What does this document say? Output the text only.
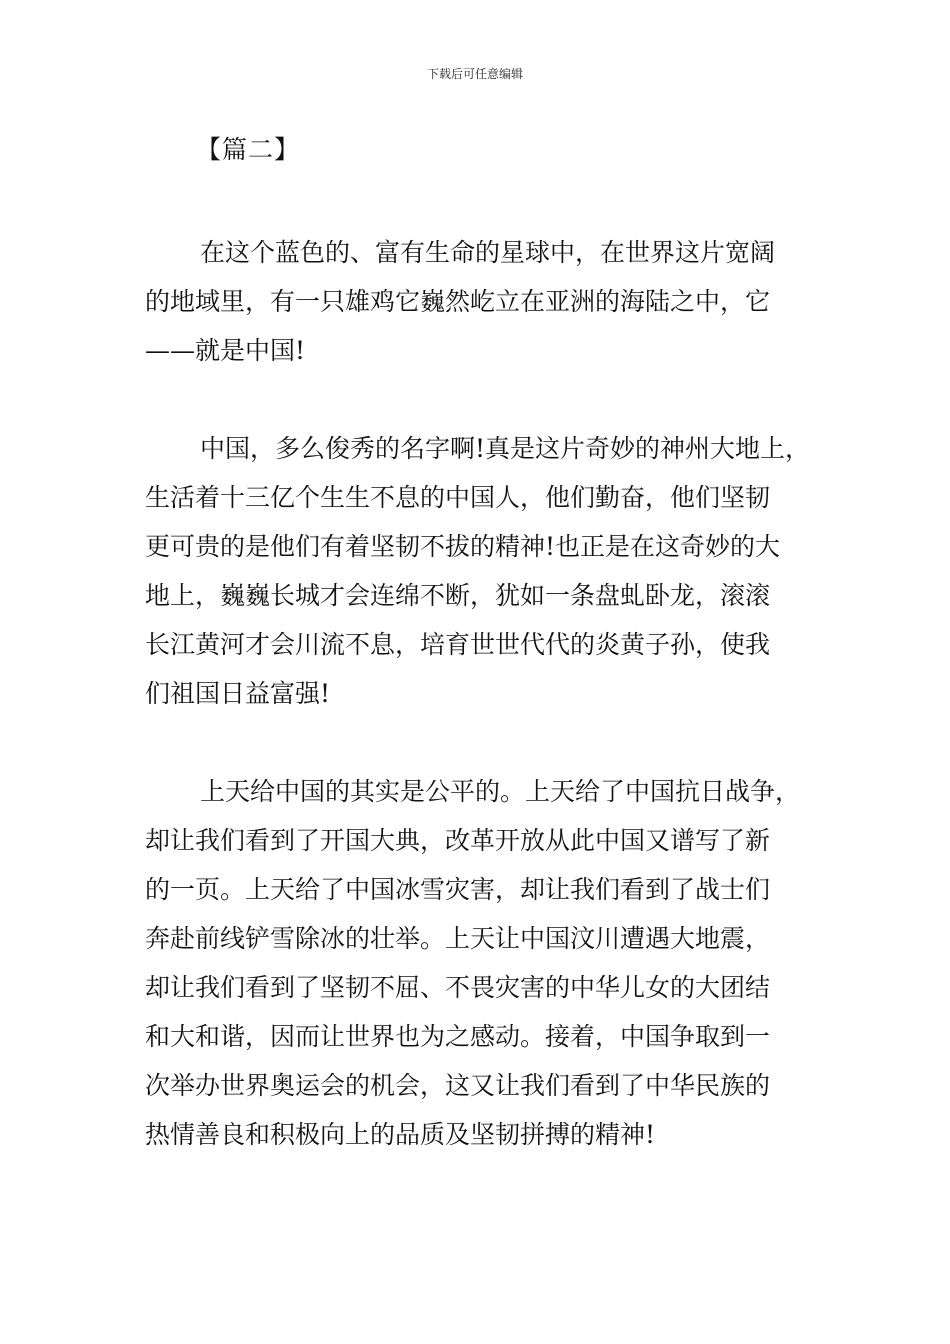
下载后可任意编辑
【篇二】

在这个蓝色的、富有生命的星球中，在世界这片宽阔
的地域里，有一只雄鸡它巍然屹立在亚洲的海陆之中，它
——就是中国!

中国，多么俊秀的名字啊!真是这片奇妙的神州大地上，
生活着十三亿个生生不息的中国人，他们勤奋，他们坚韧
更可贵的是他们有着坚韧不拔的精神!也正是在这奇妙的大
地上，巍巍长城才会连绵不断，犹如一条盘虬卧龙，滚滚
长江黄河才会川流不息，培育世世代代的炎黄子孙，使我
们祖国日益富强!

上天给中国的其实是公平的。上天给了中国抗日战争，
却让我们看到了开国大典，改革开放从此中国又谱写了新
的一页。上天给了中国冰雪灾害，却让我们看到了战士们
奔赴前线铲雪除冰的壮举。上天让中国汶川遭遇大地震，
却让我们看到了坚韧不屈、不畏灾害的中华儿女的大团结
和大和谐，因而让世界也为之感动。接着，中国争取到一
次举办世界奥运会的机会，这又让我们看到了中华民族的
热情善良和积极向上的品质及坚韧拼搏的精神!
